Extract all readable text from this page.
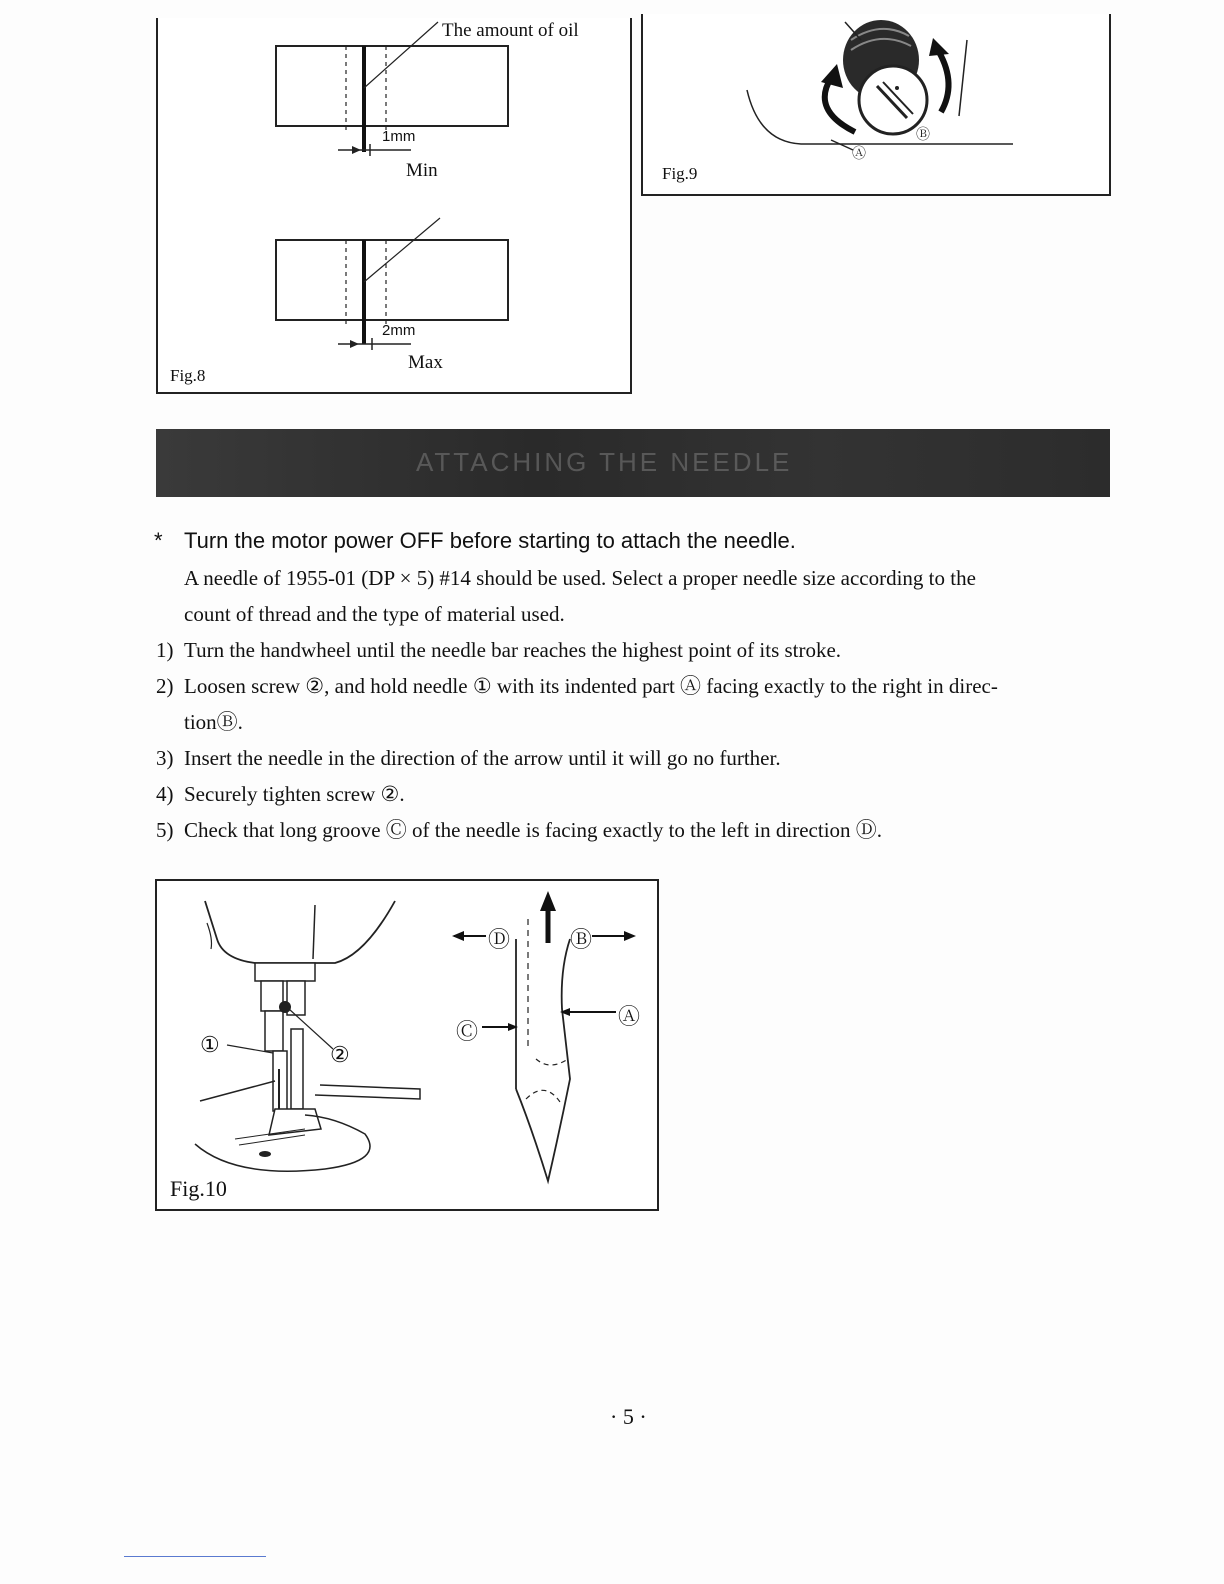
The amount of oil
1mm
Min
2mm
Max
Fig.8
Ⓐ
Ⓑ
Fig.9
ATTACHING THE NEEDLE
* Turn the motor power OFF before starting to attach the needle.
A needle of 1955-01 (DP × 5) #14 should be used. Select a proper needle size according to the
count of thread and the type of material used.
1) Turn the handwheel until the needle bar reaches the highest point of its stroke.
2) Loosen screw ②, and hold needle ① with its indented part Ⓐ facing exactly to the right in direc-
tionⒷ.
3) Insert the needle in the direction of the arrow until it will go no further.
4) Securely tighten screw ②.
5) Check that long groove Ⓒ of the needle is facing exactly to the left in direction Ⓓ.
①	②
Ⓓ	Ⓑ
Ⓐ
Ⓒ
Fig.10
· 5 ·
